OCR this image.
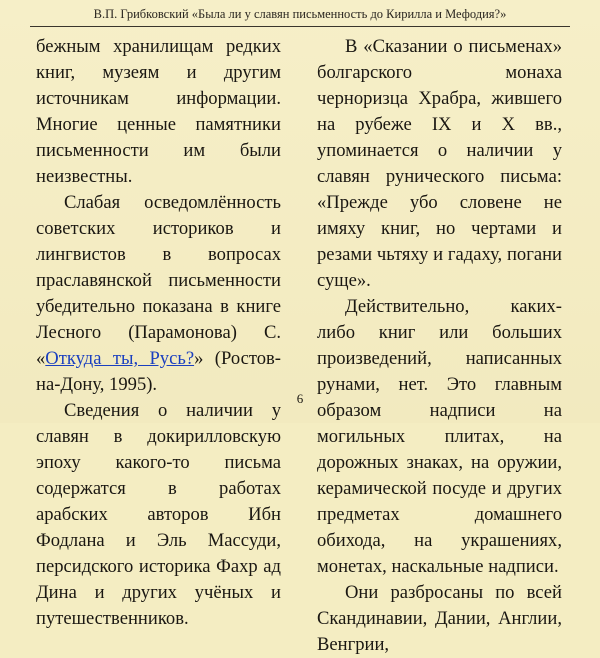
В.П. Грибковский «Была ли у славян письменность до Кирилла и Мефодия?»

бежным хранилищам редких книг, музеям и другим источникам информации. Многие ценные памятники письменности им были неизвестны.

Слабая осведомлённость советских историков и лингвистов в вопросах праславянской письменности убедительно показана в книге Лесного (Парамонова) С. «Откуда ты, Русь?» (Ростов-на-Дону, 1995).

Сведения о наличии у славян в докирилловскую эпоху какого-то письма содержатся в работах арабских авторов Ибн Фодлана и Эль Массуди, персидского историка Фахр ад Дина и других учёных и путешественников.

В «Сказании о письменах» болгарского монаха черноризца Храбра, жившего на рубеже IX и X вв., упоминается о наличии у славян рунического письма: «Прежде убо словене не имяху книг, но чертами и резами чьтяху и гадаху, погани суще».

Действительно, каких-либо книг или больших произведений, написанных рунами, нет. Это главным образом надписи на могильных плитах, на дорожных знаках, на оружии, керамической посуде и других предметах домашнего обихода, на украшениях, монетах, наскальные надписи.

Они разбросаны по всей Скандинавии, Дании, Англии, Венгрии,

6
